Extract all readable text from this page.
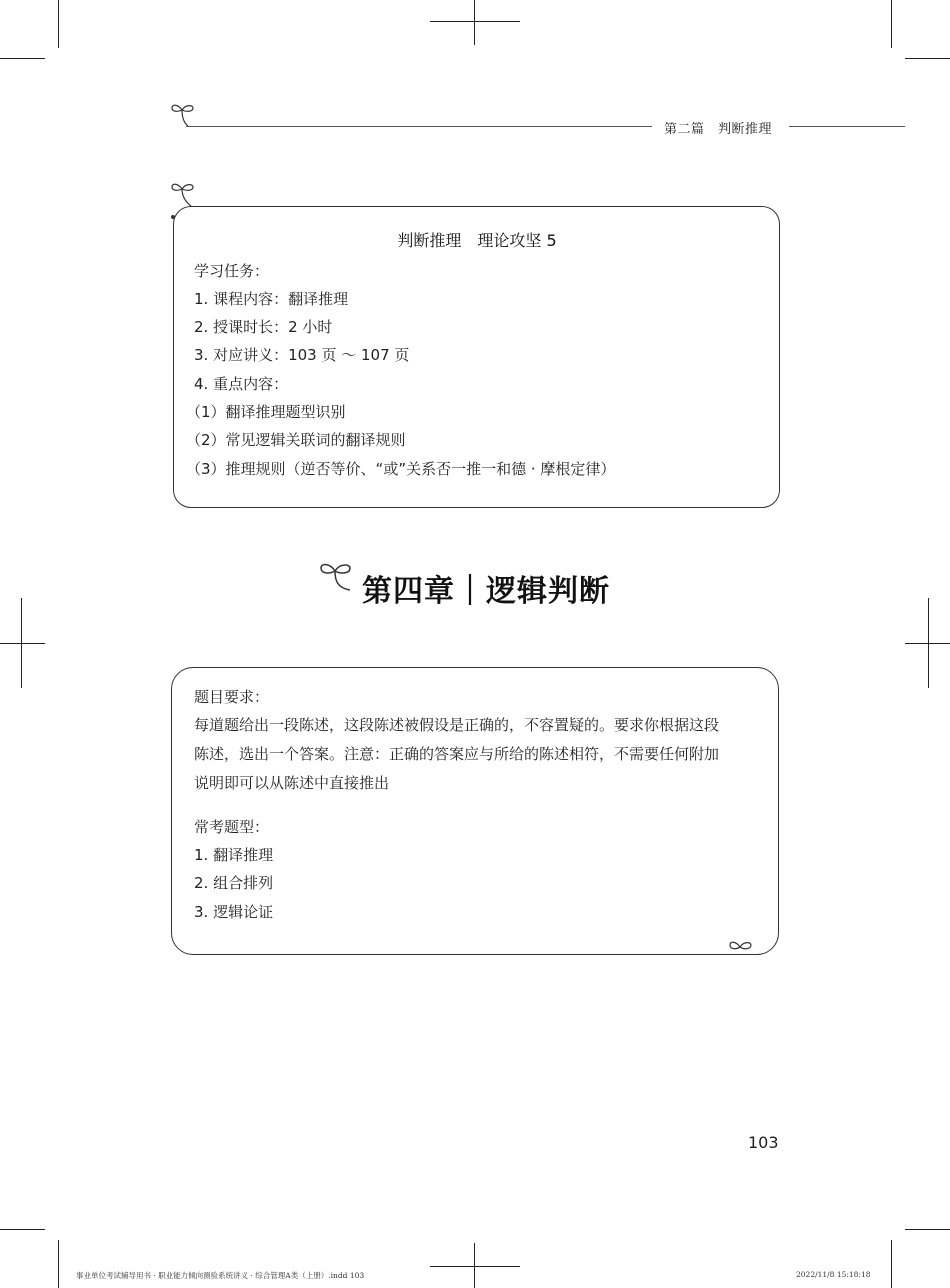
第二篇　判断推理
判断推理　理论攻坚 5
学习任务：
1. 课程内容：翻译推理
2. 授课时长：2 小时
3. 对应讲义：103 页 ～ 107 页
4. 重点内容：
（1）翻译推理题型识别
（2）常见逻辑关联词的翻译规则
（3）推理规则（逆否等价、“或”关系否一推一和德 · 摩根定律）
第四章｜逻辑判断
题目要求：
每道题给出一段陈述，这段陈述被假设是正确的，不容置疑的。要求你根据这段
陈述，选出一个答案。注意：正确的答案应与所给的陈述相符，不需要任何附加
说明即可以从陈述中直接推出
常考题型：
1. 翻译推理
2. 组合排列
3. 逻辑论证
103
事业单位考试辅导用书 · 职业能力倾向测验系统讲义 · 综合管理A类（上册）.indd 103	2022/11/8 15:18:18
